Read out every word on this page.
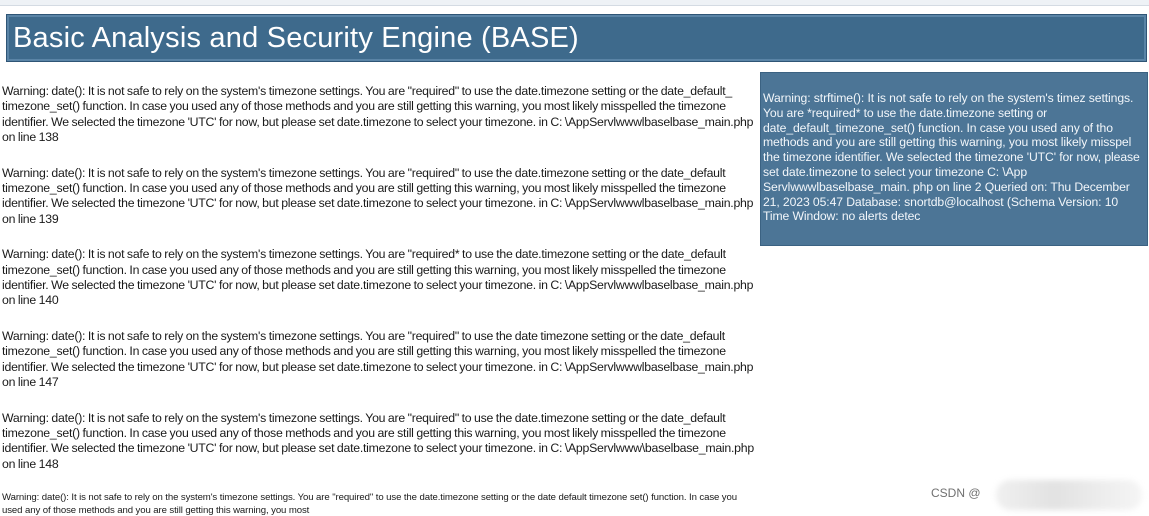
Basic Analysis and Security Engine (BASE)

Warning: date(): It is not safe to rely on the system's timezone settings. You are "required" to use the date.timezone setting or the date_default_ timezone_set() function. In case you used any of those methods and you are still getting this warning, you most likely misspelled the timezone identifier. We selected the timezone 'UTC' for now, but please set date.timezone to select your timezone. in C: \AppServlwwwlbaselbase_main.php on line 138

Warning: date(): It is not safe to rely on the system's timezone settings. You are "required" to use the date.timezone setting or the date_default timezone_set() function. In case you used any of those methods and you are still getting this warning, you most likely misspelled the timezone identifier. We selected the timezone 'UTC' for now, but please set date.timezone to select your timezone. in C: \AppServlwwwlbaselbase_main.php on line 139

Warning: date(): It is not safe to rely on the system's timezone settings. You are "required* to use the date.timezone setting or the date_default timezone_set() function. In case you used any of those methods and you are still getting this warning, you most likely misspelled the timezone identifier. We selected the timezone 'UTC' for now, but please set date.timezone to select your timezone. in C: \AppServlwwwlbaselbase_main.php on line 140

Warning: date(): It is not safe to rely on the system's timezone settings. You are "required" to use the date timezone setting or the date_default timezone_set() function. In case you used any of those methods and you are still getting this warning, you most likely misspelled the timezone identifier. We selected the timezone 'UTC' for now, but please set date.timezone to select your timezone. in C: \AppServlwwwlbaselbase_main.php on line 147

Warning: date(): It is not safe to rely on the system's timezone settings. You are "required" to use the date.timezone setting or the date_default timezone_set() function. In case you used any of those methods and you are still getting this warning, you most likely misspelled the timezone identifier. We selected the timezone 'UTC' for now, but please set date.timezone to select your timezone. in C: \AppServlwww\baselbase_main.php on line 148

Warning: date(): It is not safe to rely on the system's timezone settings. You are "required" to use the date.timezone setting or the date default timezone set() function. In case you used any of those methods and you are still getting this warning, you most

Warning: strftime(): It is not safe to rely on the system's timez settings. You are *required* to use the date.timezone setting or date_default_timezone_set() function. In case you used any of tho methods and you are still getting this warning, you most likely misspel the timezone identifier. We selected the timezone 'UTC' for now, please set date.timezone to select your timezone C: \App Servlwwwlbaselbase_main. php on line 2 Queried on: Thu December 21, 2023 05:47 Database: snortdb@localhost (Schema Version: 10 Time Window: no alerts detec
CSDN @
